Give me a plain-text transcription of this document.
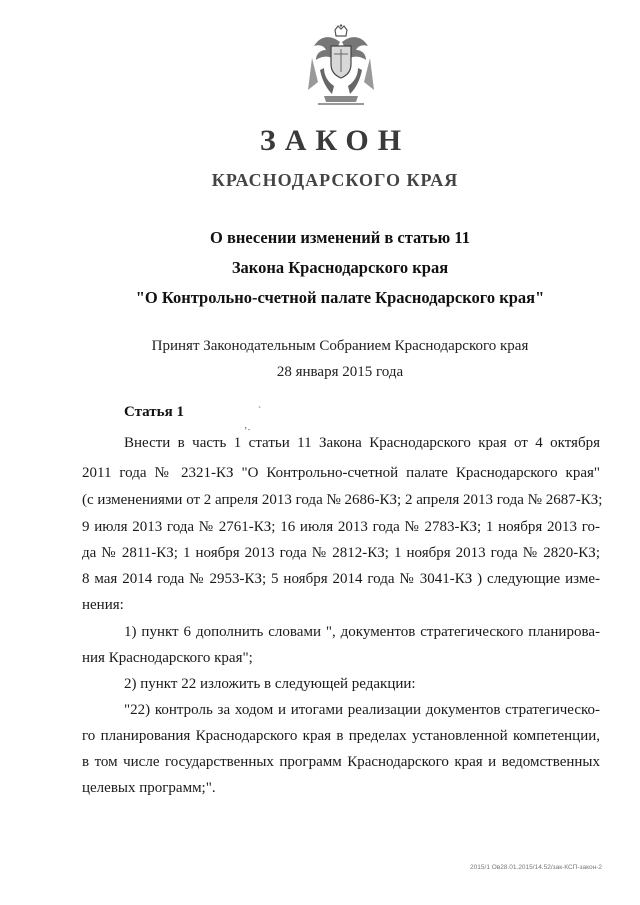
ЗАКОН
КРАСНОДАРСКОГО КРАЯ
О внесении изменений в статью 11
Закона Краснодарского края
"О Контрольно-счетной палате Краснодарского края"
Принят Законодательным Собранием Краснодарского края
28 января 2015 года
Статья 1	ˋ
‚ˎ
Внести в часть 1 статьи 11 Закона Краснодарского края от 4 октября
2011 года № 2321-КЗ "О Контрольно-счетной палате Краснодарского края"
(с изменениями от 2 апреля 2013 года № 2686-КЗ; 2 апреля 2013 года № 2687-КЗ;
9 июля 2013 года № 2761-КЗ; 16 июля 2013 года № 2783-КЗ; 1 ноября 2013 го-
да № 2811-КЗ; 1 ноября 2013 года № 2812-КЗ; 1 ноября 2013 года № 2820-КЗ;
8 мая 2014 года № 2953-КЗ; 5 ноября 2014 года № 3041-КЗ ) следующие изме-
нения:
1) пункт 6 дополнить словами ", документов стратегического планирова-
ния Краснодарского края";
2) пункт 22 изложить в следующей редакции:
"22) контроль за ходом и итогами реализации документов стратегическо-
го планирования Краснодарского края в пределах установленной компетенции,
в том числе государственных программ Краснодарского края и ведомственных
целевых программ;".
2015/1 Ов28.01.2015/14.52/зак-КСП-закон-2
